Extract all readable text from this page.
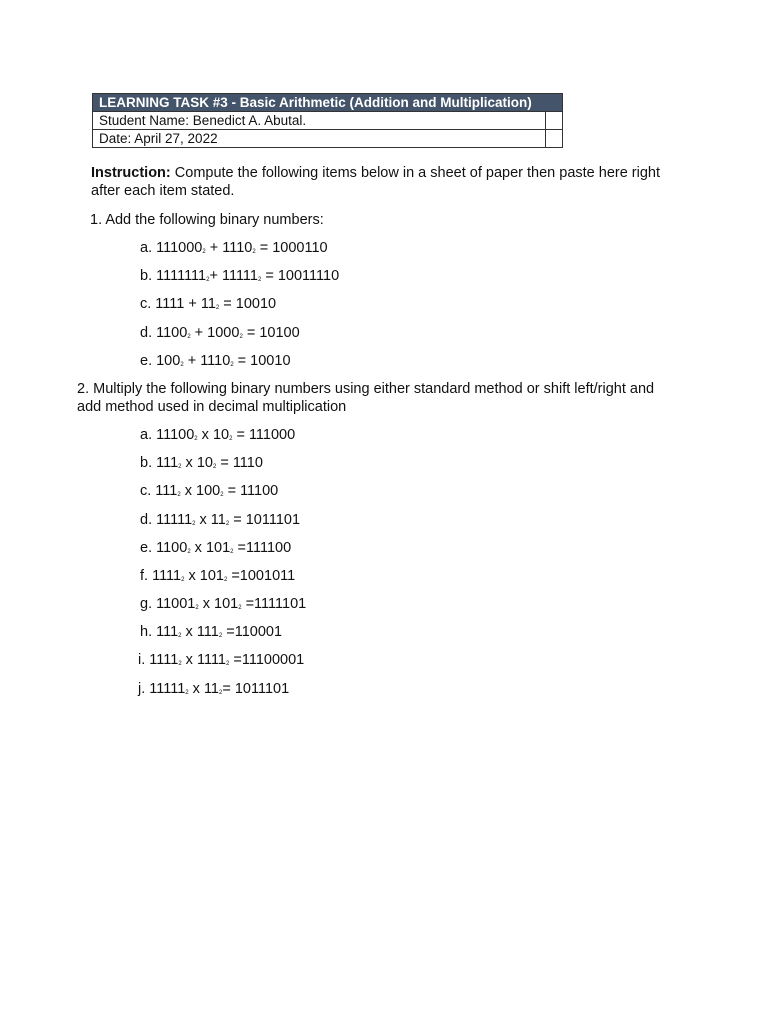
LEARNING TASK #3 - Basic Arithmetic (Addition and Multiplication)	
Student Name: Benedict A. Abutal.	
Date: April 27, 2022	
Instruction: Compute the following items below in a sheet of paper then paste here right after each item stated.
1. Add the following binary numbers:
a. $111000_2 + 1110_2 = 1000110$
b. $1111111_2+ 11111_2 = 10011110$
c. $1111 + 11_2 = 10010$
d. $1100_2 + 1000_2 = 10100$
e. $100_2 + 1110_2 = 10010$
2. Multiply the following binary numbers using either standard method or shift left/right and add method used in decimal multiplication
a. $11100_2$ x $10_2 = 111000$
b. $111_2$ x $10_2 = 1110$
c. $111_2$ x $100_2 = 11100$
d. $11111_2$ x $11_2 = 1011101$
e. $1100_2$ x $101_2 =111100$
f. $1111_2$ x $101_2 =1001011$
g. $11001_2$ x $101_2 =1111101$
h. $111_2$ x $111_2 =110001$
i. $1111_2$ x $1111_2 =11100001$
j. $11111_2$ x $11_2= 1011101$
